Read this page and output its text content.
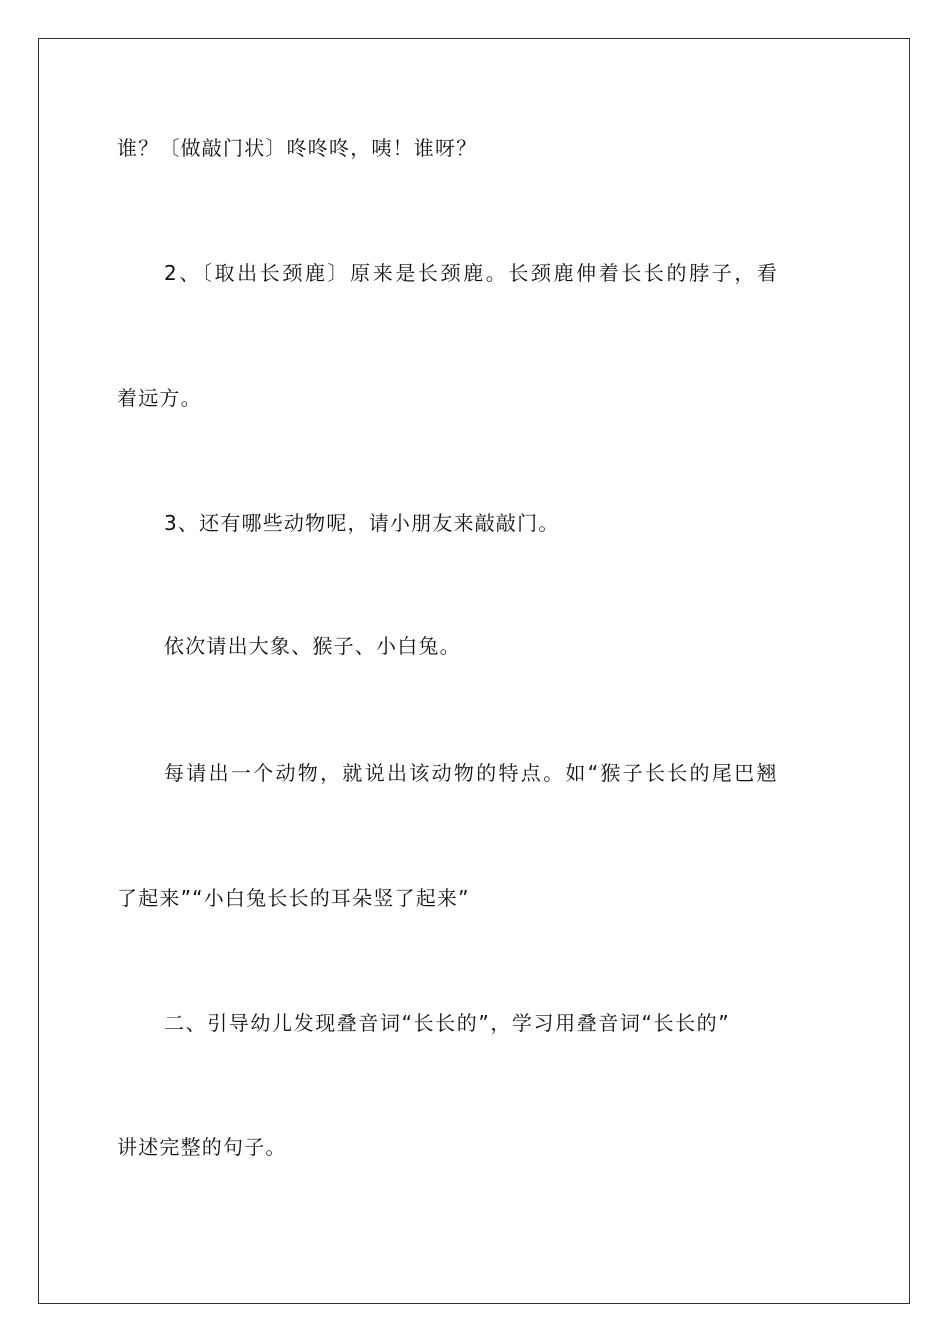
谁？〔做敲门状〕咚咚咚，咦！谁呀？
2、〔取出长颈鹿〕原来是长颈鹿。长颈鹿伸着长长的脖子，看
着远方。
3、还有哪些动物呢，请小朋友来敲敲门。
依次请出大象、猴子、小白兔。
每请出一个动物，就说出该动物的特点。如“猴子长长的尾巴翘
了起来”“小白兔长长的耳朵竖了起来”
二、引导幼儿发现叠音词“长长的”，学习用叠音词“长长的”
讲述完整的句子。
